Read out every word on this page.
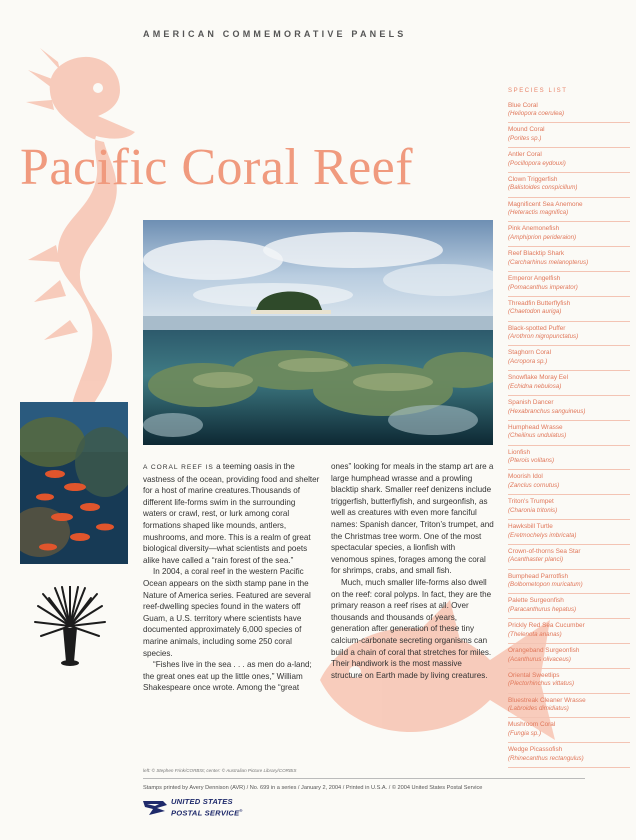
AMERICAN COMMEMORATIVE PANELS
Pacific Coral Reef
SPECIES LIST
Blue Coral
(Heliopora coerulea)
Mound Coral
(Porites sp.)
Antler Coral
(Pocillopora eydouxi)
Clown Triggerfish
(Balistoides conspicillum)
Magnificent Sea Anemone
(Heteractis magnifica)
Pink Anemonefish
(Amphiprion perideraion)
Reef Blacktip Shark
(Carcharhinus melanopterus)
Emperor Angelfish
(Pomacanthus imperator)
Threadfin Butterflyfish
(Chaetodon auriga)
Black-spotted Puffer
(Arothron nigropunctatus)
Staghorn Coral
(Acropora sp.)
Snowflake Moray Eel
(Echidna nebulosa)
Spanish Dancer
(Hexabranchus sanguineus)
Humphead Wrasse
(Cheilinus undulatus)
Lionfish
(Pterois volitans)
Moorish Idol
(Zanclus cornutus)
Triton's Trumpet
(Charonia tritonis)
Hawksbill Turtle
(Eretmochelys imbricata)
Crown-of-thorns Sea Star
(Acanthaster planci)
Bumphead Parrotfish
(Bolbometopon muricatum)
Palette Surgeonfish
(Paracanthurus hepatus)
Prickly Red Sea Cucumber
(Thelenota ananas)
Orangeband Surgeonfish
(Acanthurus olivaceus)
Oriental Sweetlips
(Plectorhinchus vittatus)
Bluestreak Cleaner Wrasse
(Labroides dimidiatus)
Mushroom Coral
(Fungia sp.)
Wedge Picassofish
(Rhinecanthus rectangulus)

A CORAL REEF IS a teeming oasis in the vastness of the ocean, providing food and shelter for a host of marine creatures.Thousands of different life-forms swim in the surrounding waters or crawl, rest, or lurk among coral formations shaped like mounds, antlers, mushrooms, and more. This is a realm of great biological diversity—what scientists and poets alike have called a “rain forest of the sea.”

In 2004, a coral reef in the western Pacific Ocean appears on the sixth stamp pane in the Nature of America series. Featured are several reef-dwelling species found in the waters off Guam, a U.S. territory where scientists have documented approximately 6,000 species of marine animals, including some 250 coral species.

“Fishes live in the sea . . . as men do a-land; the great ones eat up the little ones,” William Shakespeare once wrote. Among the “great

ones” looking for meals in the stamp art are a large humphead wrasse and a prowling blacktip shark. Smaller reef denizens include triggerfish, butterflyfish, and surgeonfish, as well as creatures with even more fanciful names: Spanish dancer, Triton’s trumpet, and the Christmas tree worm. One of the most spectacular species, a lionfish with venomous spines, forages among the coral for shrimps, crabs, and small fish.

Much, much smaller life-forms also dwell on the reef: coral polyps. In fact, they are the primary reason a reef rises at all. Over thousands and thousands of years, generation after generation of these tiny calcium-carbonate secreting organisms can build a chain of coral that stretches for miles. Their handiwork is the most massive structure on Earth made by living creatures.

left: © Stephen Frink/CORBIS; center: © Australian Picture Library/CORBIS
Stamps printed by Avery Dennison (AVR) / No. 699 in a series / January 2, 2004 / Printed in U.S.A. / © 2004 United States Postal Service
UNITED STATES
POSTAL SERVICE®
